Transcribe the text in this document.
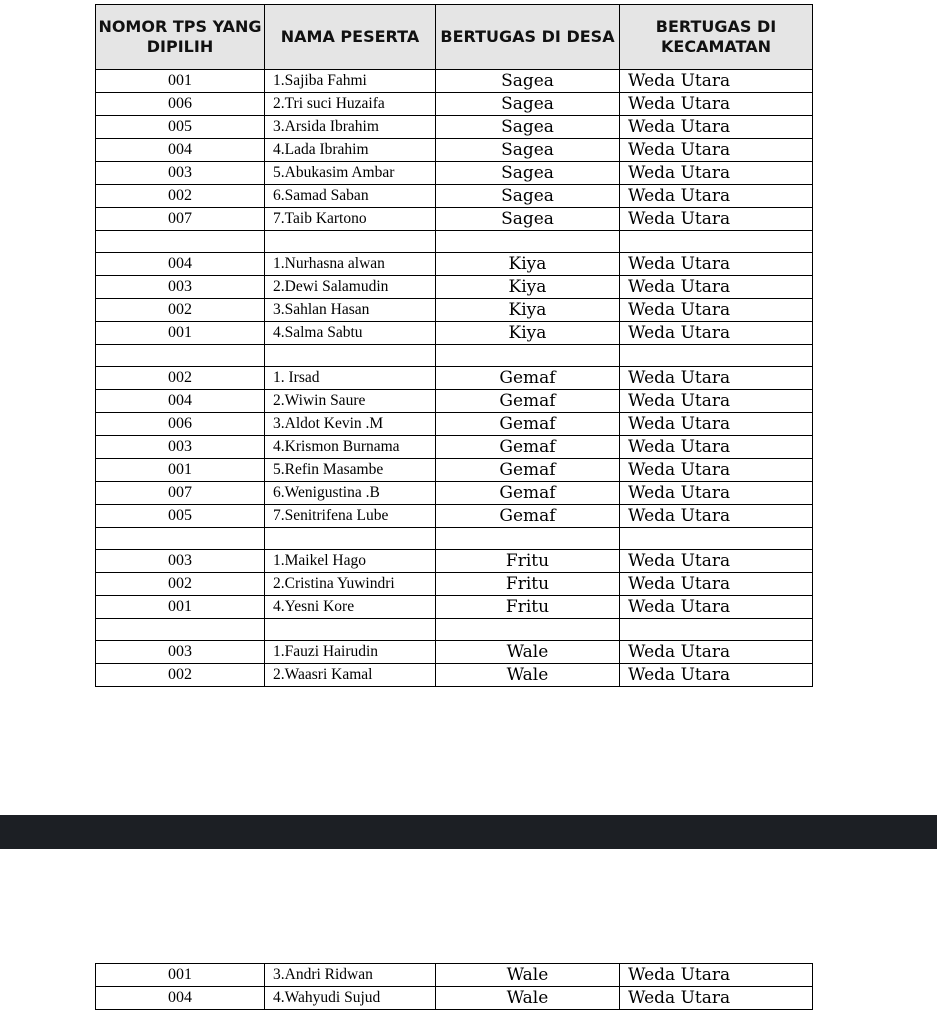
NOMOR TPS YANG DIPILIH	NAMA PESERTA	BERTUGAS DI DESA	BERTUGAS DI KECAMATAN
001	1.Sajiba Fahmi	Sagea	Weda Utara
006	2.Tri suci Huzaifa	Sagea	Weda Utara
005	3.Arsida Ibrahim	Sagea	Weda Utara
004	4.Lada Ibrahim	Sagea	Weda Utara
003	5.Abukasim Ambar	Sagea	Weda Utara
002	6.Samad Saban	Sagea	Weda Utara
007	7.Taib Kartono	Sagea	Weda Utara

004	1.Nurhasna alwan	Kiya	Weda Utara
003	2.Dewi Salamudin	Kiya	Weda Utara
002	3.Sahlan Hasan	Kiya	Weda Utara
001	4.Salma Sabtu	Kiya	Weda Utara

002	1. Irsad	Gemaf	Weda Utara
004	2.Wiwin Saure	Gemaf	Weda Utara
006	3.Aldot Kevin .M	Gemaf	Weda Utara
003	4.Krismon Burnama	Gemaf	Weda Utara
001	5.Refin Masambe	Gemaf	Weda Utara
007	6.Wenigustina .B	Gemaf	Weda Utara
005	7.Senitrifena Lube	Gemaf	Weda Utara

003	1.Maikel Hago	Fritu	Weda Utara
002	2.Cristina Yuwindri	Fritu	Weda Utara
001	4.Yesni Kore	Fritu	Weda Utara

003	1.Fauzi Hairudin	Wale	Weda Utara
002	2.Waasri Kamal	Wale	Weda Utara
001	3.Andri Ridwan	Wale	Weda Utara
004	4.Wahyudi Sujud	Wale	Weda Utara
